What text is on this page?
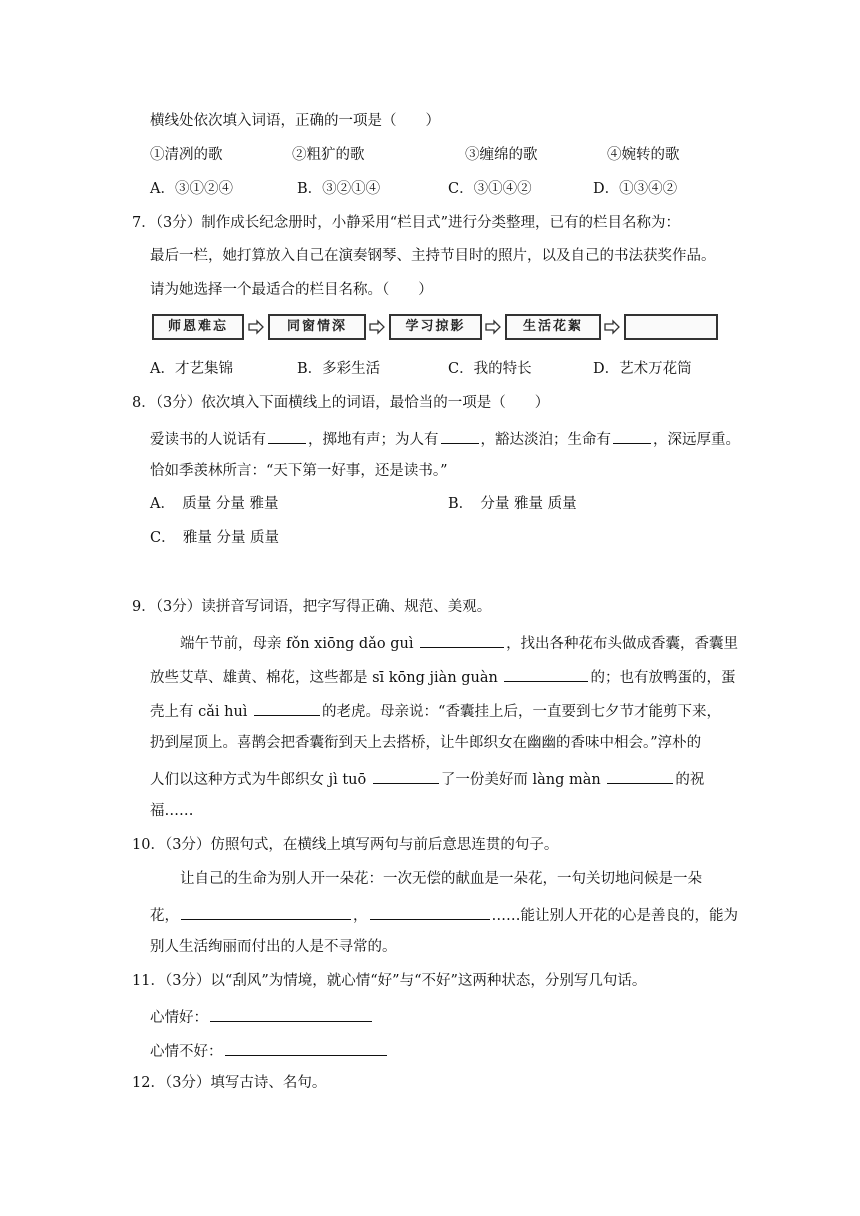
横线处依次填入词语，正确的一项是（　　）
①清冽的歌	②粗犷的歌	③缠绵的歌	④婉转的歌
A．③①②④	B．③②①④	C．③①④②	D．①③④②
7．（3分）制作成长纪念册时，小静采用“栏目式”进行分类整理，已有的栏目名称为：
最后一栏，她打算放入自己在演奏钢琴、主持节目时的照片，以及自己的书法获奖作品。
请为她选择一个最适合的栏目名称。（　　）
师恩难忘	同窗情深	学习掠影	生活花絮
A．才艺集锦	B．多彩生活	C．我的特长	D．艺术万花筒
8．（3分）依次填入下面横线上的词语，最恰当的一项是（　　）
爱读书的人说话有	，掷地有声；为人有	，豁达淡泊；生命有	，深远厚重。
恰如季羡林所言：“天下第一好事，还是读书。”
A．　质量 分量 雅量	B．　分量 雅量 质量
C．　雅量 分量 质量
9．（3分）读拼音写词语，把字写得正确、规范、美观。
端午节前，母亲 fǒn xiōng dǎo guì	，找出各种花布头做成香囊，香囊里
放些艾草、雄黄、棉花，这些都是 sī kōng jiàn guàn	的；也有放鸭蛋的，蛋
壳上有 cǎi huì	的老虎。母亲说：“香囊挂上后，一直要到七夕节才能剪下来，
扔到屋顶上。喜鹊会把香囊衔到天上去搭桥，让牛郎织女在幽幽的香味中相会。”淳朴的
人们以这种方式为牛郎织女 jì tuō	了一份美好而 làng màn	的祝
福……
10．（3分）仿照句式，在横线上填写两句与前后意思连贯的句子。
让自己的生命为别人开一朵花：一次无偿的献血是一朵花，一句关切地问候是一朵
花，	，	……能让别人开花的心是善良的，能为
别人生活绚丽而付出的人是不寻常的。
11．（3分）以“刮风”为情境，就心情“好”与“不好”这两种状态，分别写几句话。
心情好：
心情不好：
12．（3分）填写古诗、名句。
